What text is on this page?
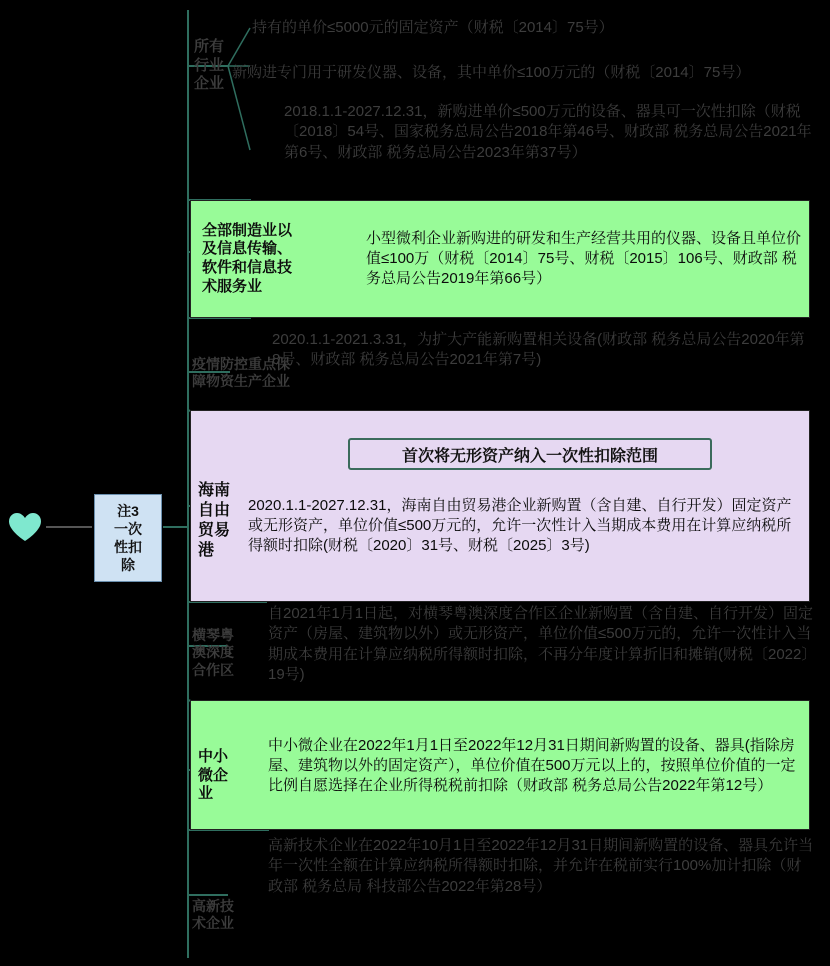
注3
一次
性扣
除
所有
行业
企业
持有的单价≤5000元的固定资产（财税〔2014〕75号）
新购进专门用于研发仪器、设备，其中单价≤100万元的（财税〔2014〕75号）
2018.1.1-2027.12.31，新购进单价≤500万元的设备、器具可一次性扣除（财税〔2018〕54号、国家税务总局公告2018年第46号、财政部 税务总局公告2021年第6号、财政部 税务总局公告2023年第37号）
全部制造业以
及信息传输、
软件和信息技
术服务业
小型微利企业新购进的研发和生产经营共用的仪器、设备且单位价值≤100万（财税〔2014〕75号、财税〔2015〕106号、财政部 税务总局公告2019年第66号）
疫情防控重点保
障物资生产企业
2020.1.1-2021.3.31，为扩大产能新购置相关设备(财政部 税务总局公告2020年第8号、财政部 税务总局公告2021年第7号)
首次将无形资产纳入一次性扣除范围
海南
自由
贸易
港
2020.1.1-2027.12.31，海南自由贸易港企业新购置（含自建、自行开发）固定资产或无形资产，单位价值≤500万元的，允许一次性计入当期成本费用在计算应纳税所得额时扣除(财税〔2020〕31号、财税〔2025〕3号)
横琴粤
澳深度
合作区
自2021年1月1日起，对横琴粤澳深度合作区企业新购置（含自建、自行开发）固定资产（房屋、建筑物以外）或无形资产，单位价值≤500万元的，允许一次性计入当期成本费用在计算应纳税所得额时扣除，不再分年度计算折旧和摊销(财税〔2022〕19号)
中小
微企
业
中小微企业在2022年1月1日至2022年12月31日期间新购置的设备、器具(指除房屋、建筑物以外的固定资产），单位价值在500万元以上的，按照单位价值的一定比例自愿选择在企业所得税税前扣除（财政部 税务总局公告2022年第12号）
高新技
术企业
高新技术企业在2022年10月1日至2022年12月31日期间新购置的设备、器具允许当年一次性全额在计算应纳税所得额时扣除，并允许在税前实行100%加计扣除（财政部 税务总局 科技部公告2022年第28号）
